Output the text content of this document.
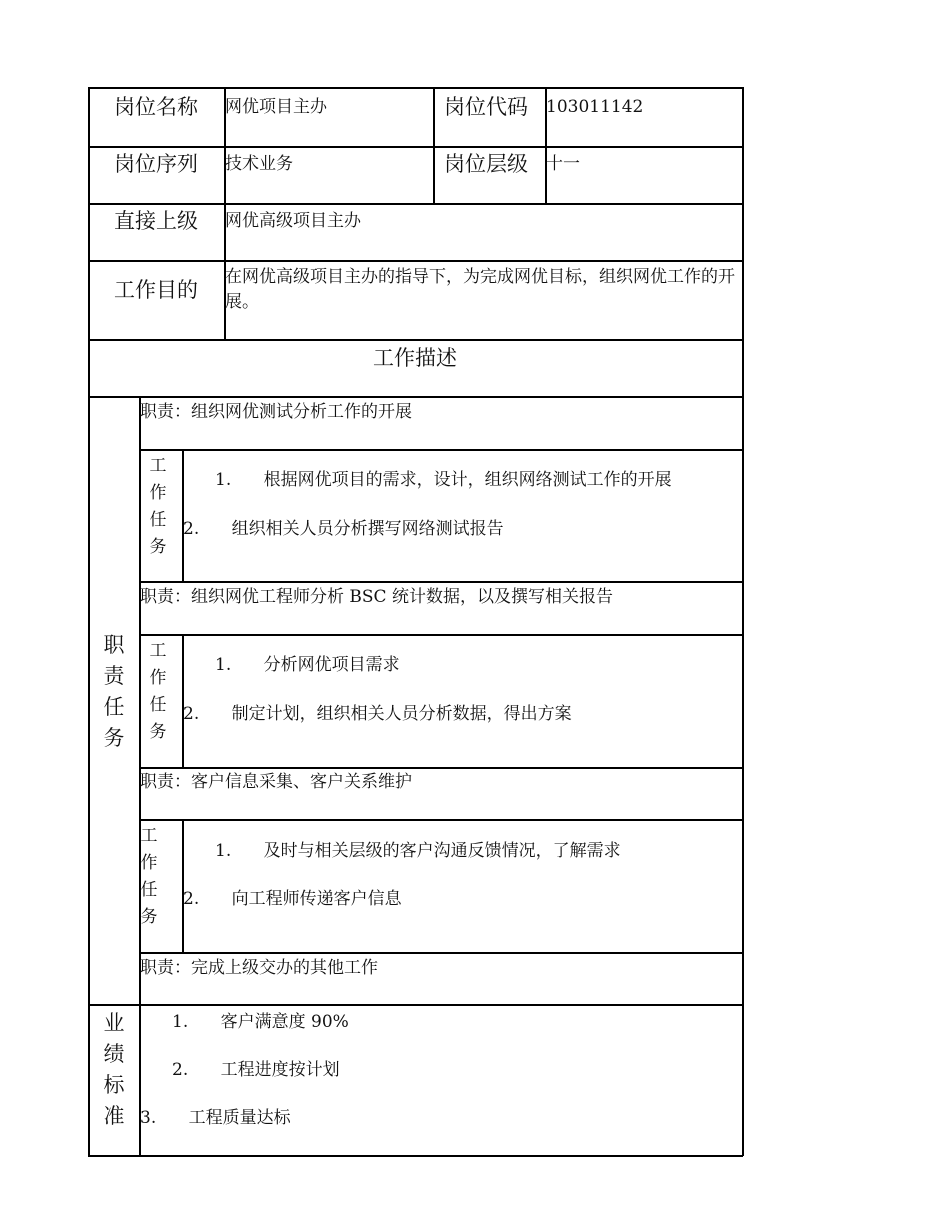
岗位名称 网优项目主办	岗位代码 103011142
岗位序列 技术业务	岗位层级 十一
直接上级 网优高级项目主办
工作目的
在网优高级项目主办的指导下，为完成网优目标，组织网优工作的开展。
工作描述
职责任务
职责：组织网优测试分析工作的开展
工作任务
1.      根据网优项目的需求，设计，组织网络测试工作的开展
2.      组织相关人员分析撰写网络测试报告
职责：组织网优工程师分析 BSC 统计数据，以及撰写相关报告
工作任务
1.      分析网优项目需求
2.      制定计划，组织相关人员分析数据，得出方案
职责：客户信息采集、客户关系维护
工作任务
1.      及时与相关层级的客户沟通反馈情况，了解需求
2.      向工程师传递客户信息
职责：完成上级交办的其他工作
业绩标准
1.      客户满意度 90%
2.      工程进度按计划
3.      工程质量达标
